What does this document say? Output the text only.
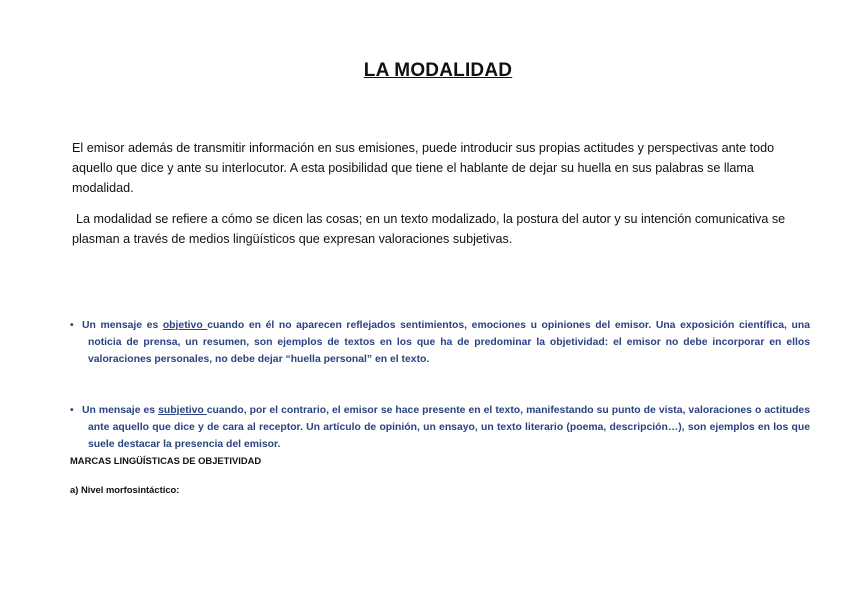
LA MODALIDAD
El emisor además de transmitir información en sus emisiones, puede introducir sus propias actitudes y perspectivas ante todo aquello que dice y ante su interlocutor. A esta posibilidad que tiene el hablante de dejar su huella en sus palabras se llama modalidad.
La modalidad se refiere a cómo se dicen las cosas; en un texto modalizado, la postura del autor y su intención comunicativa se plasman a través de medios lingüísticos que expresan valoraciones subjetivas.
• Un mensaje es objetivo cuando en él no aparecen reflejados sentimientos, emociones u opiniones del emisor. Una exposición científica, una noticia de prensa, un resumen, son ejemplos de textos en los que ha de predominar la objetividad: el emisor no debe incorporar en ellos valoraciones personales, no debe dejar “huella personal” en el texto.
• Un mensaje es subjetivo cuando, por el contrario, el emisor se hace presente en el texto, manifestando su punto de vista, valoraciones o actitudes ante aquello que dice y de cara al receptor. Un artículo de opinión, un ensayo, un texto literario (poema, descripción…), son ejemplos en los que suele destacar la presencia del emisor.
MARCAS LINGÜÍSTICAS DE OBJETIVIDAD
a) Nivel morfosintáctico:
